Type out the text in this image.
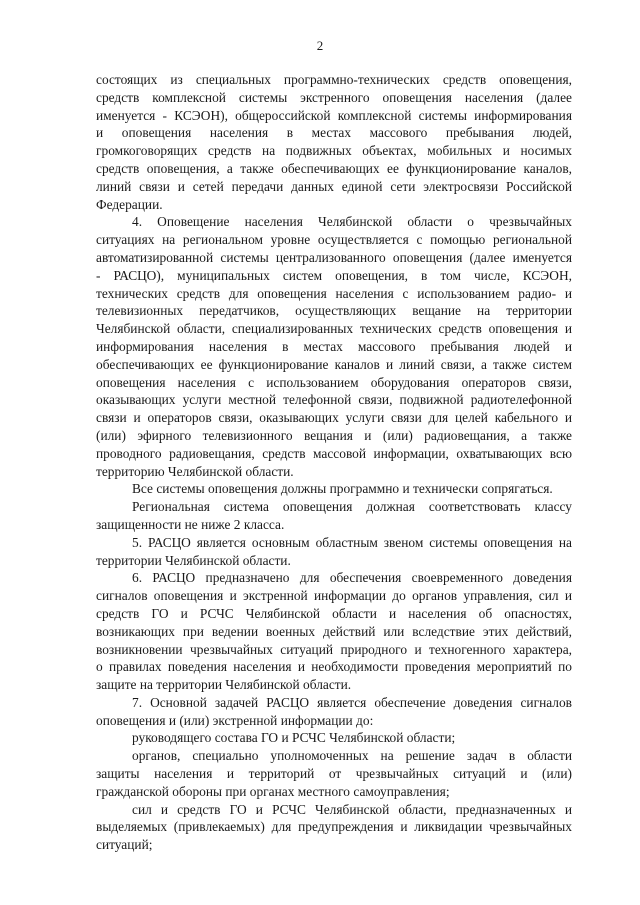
2
состоящих из специальных программно-технических средств оповещения,
средств комплексной системы экстренного оповещения населения (далее
именуется - КСЭОН), общероссийской комплексной системы информирования
и оповещения населения в местах массового пребывания людей,
громкоговорящих средств на подвижных объектах, мобильных и носимых
средств оповещения, а также обеспечивающих ее функционирование каналов,
линий связи и сетей передачи данных единой сети электросвязи Российской
Федерации.
4. Оповещение населения Челябинской области о чрезвычайных
ситуациях на региональном уровне осуществляется с помощью региональной
автоматизированной системы централизованного оповещения (далее именуется
- РАСЦО), муниципальных систем оповещения, в том числе, КСЭОН,
технических средств для оповещения населения с использованием радио- и
телевизионных передатчиков, осуществляющих вещание на территории
Челябинской области, специализированных технических средств оповещения и
информирования населения в местах массового пребывания людей и
обеспечивающих ее функционирование каналов и линий связи, а также систем
оповещения населения с использованием оборудования операторов связи,
оказывающих услуги местной телефонной связи, подвижной радиотелефонной
связи и операторов связи, оказывающих услуги связи для целей кабельного и
(или) эфирного телевизионного вещания и (или) радиовещания, а также
проводного радиовещания, средств массовой информации, охватывающих всю
территорию Челябинской области.
Все системы оповещения должны программно и технически сопрягаться.
Региональная система оповещения должная соответствовать классу
защищенности не ниже 2 класса.
5. РАСЦО является основным областным звеном системы оповещения на
территории Челябинской области.
6. РАСЦО предназначено для обеспечения своевременного доведения
сигналов оповещения и экстренной информации до органов управления, сил и
средств ГО и РСЧС Челябинской области и населения об опасностях,
возникающих при ведении военных действий или вследствие этих действий,
возникновении чрезвычайных ситуаций природного и техногенного характера,
о правилах поведения населения и необходимости проведения мероприятий по
защите на территории Челябинской области.
7. Основной задачей РАСЦО является обеспечение доведения сигналов
оповещения и (или) экстренной информации до:
руководящего состава ГО и РСЧС Челябинской области;
органов, специально уполномоченных на решение задач в области
защиты населения и территорий от чрезвычайных ситуаций и (или)
гражданской обороны при органах местного самоуправления;
сил и средств ГО и РСЧС Челябинской области, предназначенных и
выделяемых (привлекаемых) для предупреждения и ликвидации чрезвычайных
ситуаций;
